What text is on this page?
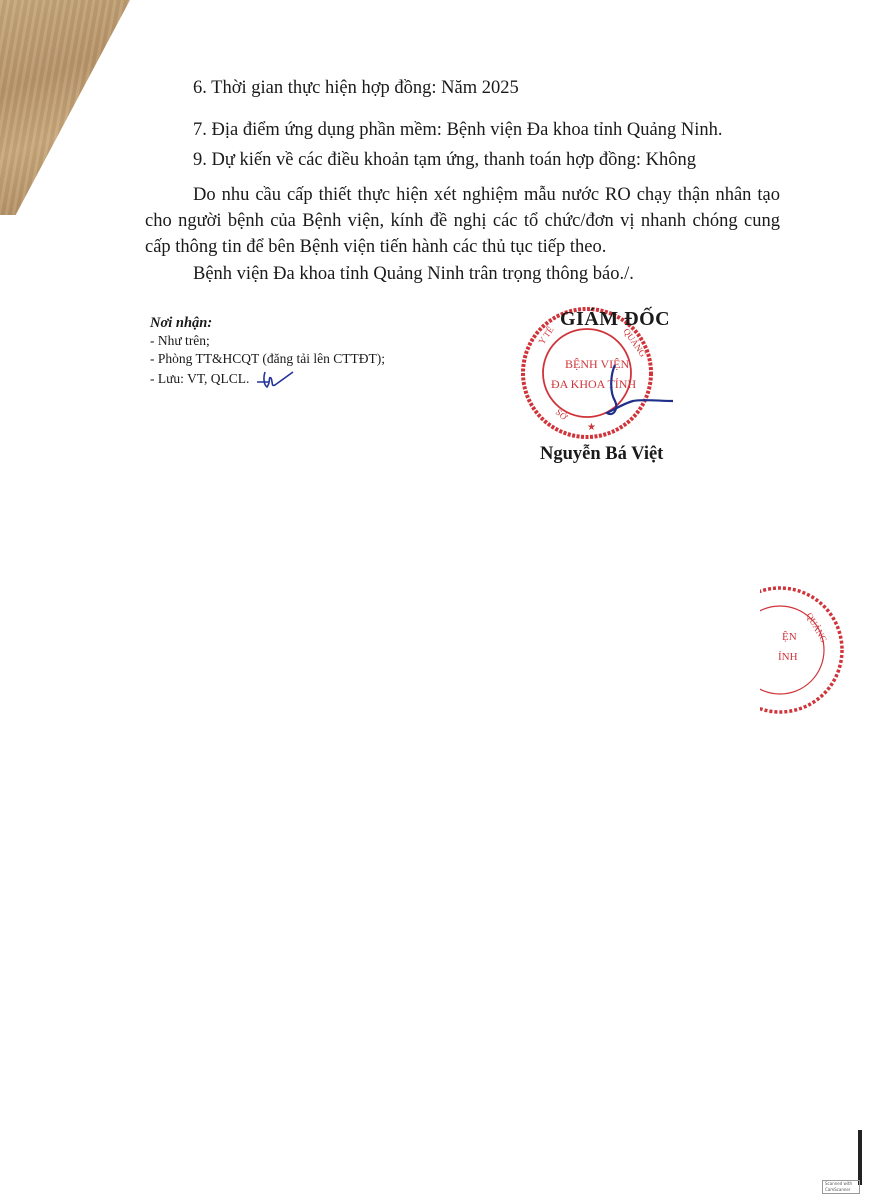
6. Thời gian thực hiện hợp đồng: Năm 2025

7. Địa điểm ứng dụng phần mềm: Bệnh viện Đa khoa tỉnh Quảng Ninh.

9. Dự kiến về các điều khoản tạm ứng, thanh toán hợp đồng: Không

Do nhu cầu cấp thiết thực hiện xét nghiệm mẫu nước RO chạy thận nhân tạo cho người bệnh của Bệnh viện, kính đề nghị các tổ chức/đơn vị nhanh chóng cung cấp thông tin để bên Bệnh viện tiến hành các thủ tục tiếp theo.

Bệnh viện Đa khoa tỉnh Quảng Ninh trân trọng thông báo./.

Nơi nhận:
- Như trên;
- Phòng TT&HCQT (đăng tải lên CTTĐT);
- Lưu: VT, QLCL.
Y TẾ	QUẢNG
SỞ
★
BỆNH VIỆN
ĐA KHOA TỈNH
GIÁM ĐỐC
Nguyễn Bá Việt
QUẢNG
ỆN
ỈNH
Scanned with CamScanner
